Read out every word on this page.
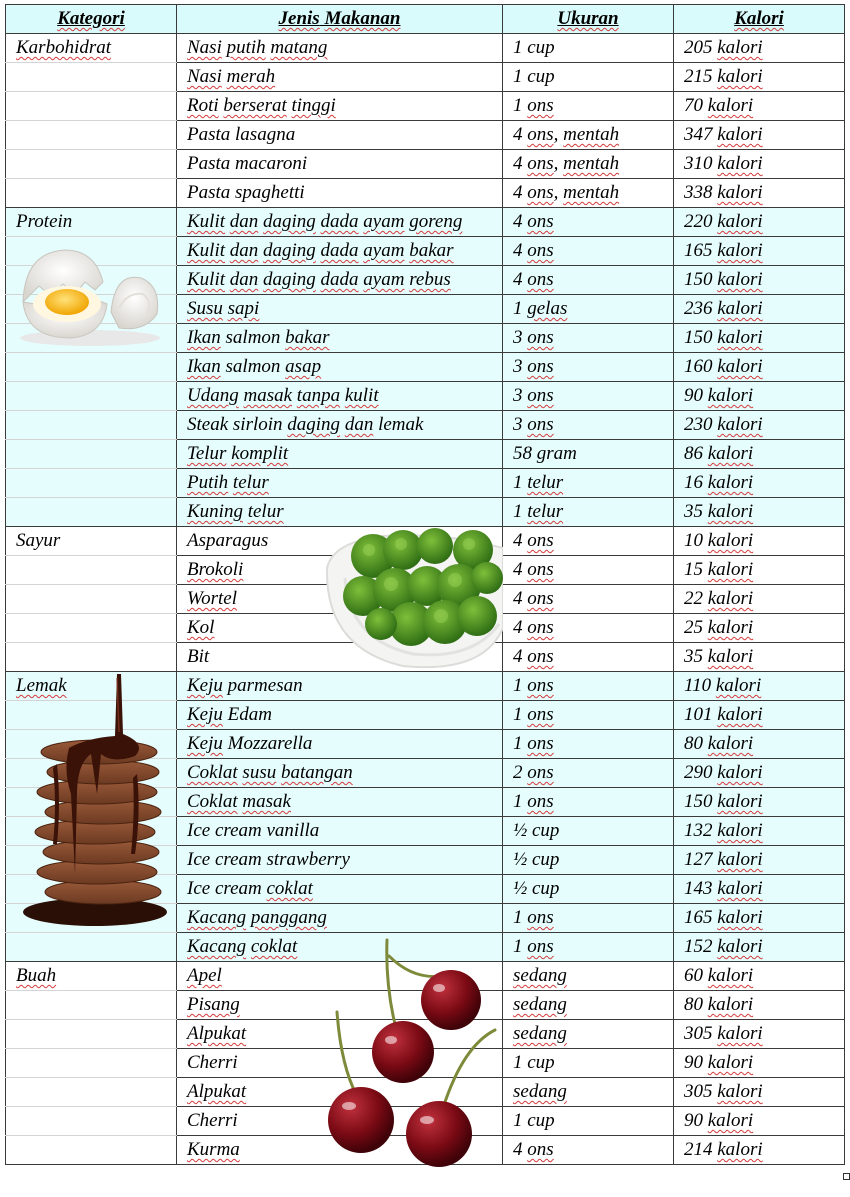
Kategori	Jenis Makanan	Ukuran	Kalori
Karbohidrat	Nasi putih matang	1 cup	205 kalori
	Nasi merah	1 cup	215 kalori
	Roti berserat tinggi	1 ons	70 kalori
	Pasta lasagna	4 ons, mentah	347 kalori
	Pasta macaroni	4 ons, mentah	310 kalori
	Pasta spaghetti	4 ons, mentah	338 kalori
Protein	Kulit dan daging dada ayam goreng	4 ons	220 kalori
	Kulit dan daging dada ayam bakar	4 ons	165 kalori
	Kulit dan daging dada ayam rebus	4 ons	150 kalori
	Susu sapi	1 gelas	236 kalori
	Ikan salmon bakar	3 ons	150 kalori
	Ikan salmon asap	3 ons	160 kalori
	Udang masak tanpa kulit	3 ons	90 kalori
	Steak sirloin daging dan lemak	3 ons	230 kalori
	Telur komplit	58 gram	86 kalori
	Putih telur	1 telur	16 kalori
	Kuning telur	1 telur	35 kalori
Sayur	Asparagus	4 ons	10 kalori
	Brokoli	4 ons	15 kalori
	Wortel	4 ons	22 kalori
	Kol	4 ons	25 kalori
	Bit	4 ons	35 kalori
Lemak	Keju parmesan	1 ons	110 kalori
	Keju Edam	1 ons	101 kalori
	Keju Mozzarella	1 ons	80 kalori
	Coklat susu batangan	2 ons	290 kalori
	Coklat masak	1 ons	150 kalori
	Ice cream vanilla	½ cup	132 kalori
	Ice cream strawberry	½ cup	127 kalori
	Ice cream coklat	½ cup	143 kalori
	Kacang panggang	1 ons	165 kalori
	Kacang coklat	1 ons	152 kalori
Buah	Apel	sedang	60 kalori
	Pisang	sedang	80 kalori
	Alpukat	sedang	305 kalori
	Cherri	1 cup	90 kalori
	Alpukat	sedang	305 kalori
	Cherri	1 cup	90 kalori
	Kurma	4 ons	214 kalori
